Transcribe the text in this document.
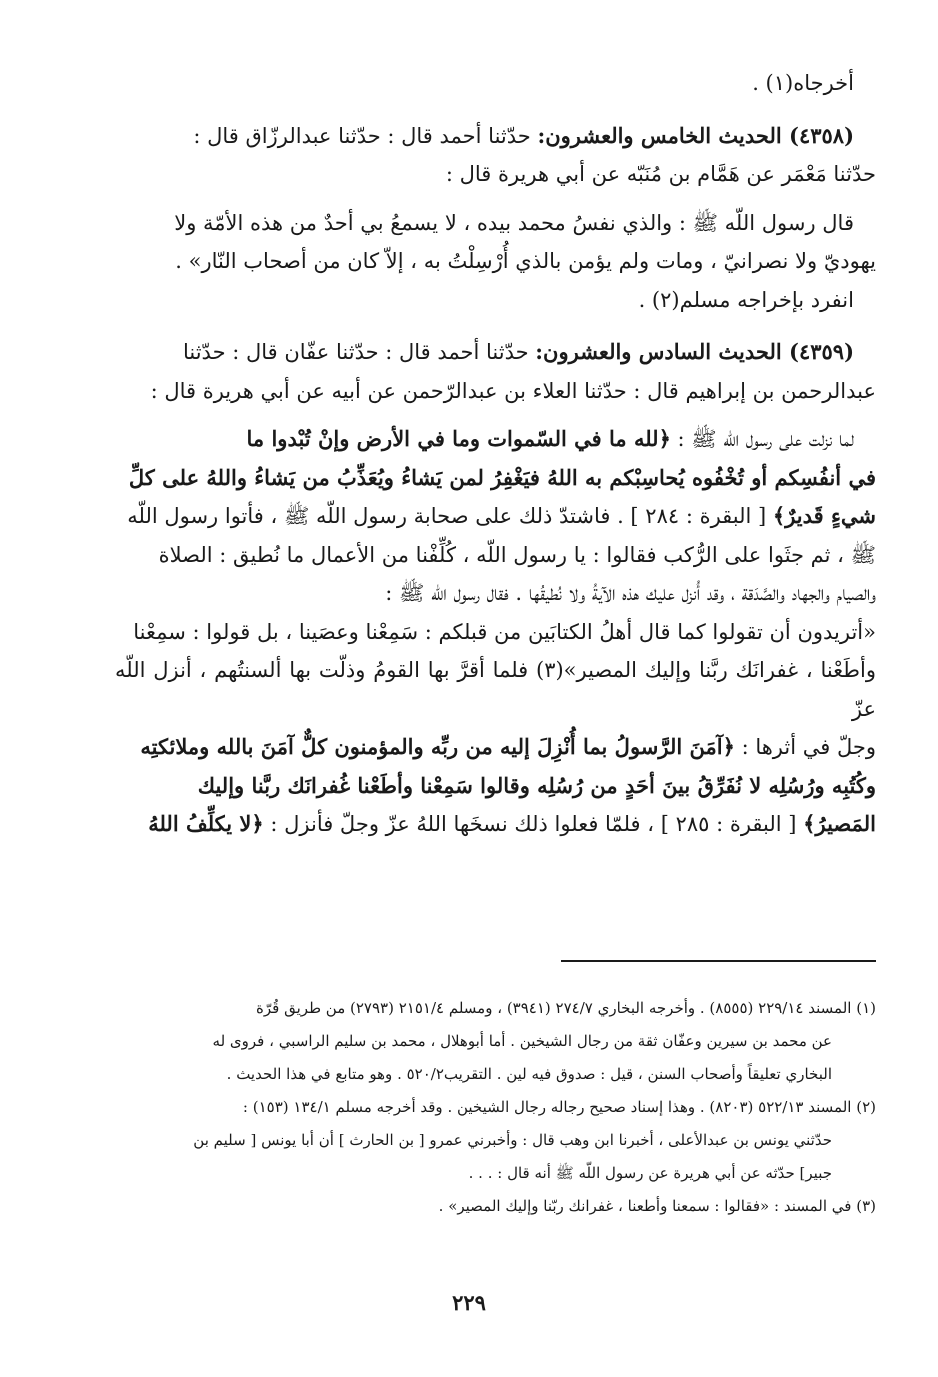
أخرجاه(١) .

(٤٣٥٨) الحديث الخامس والعشرون: حدّثنا أحمد قال : حدّثنا عبدالرزّاق قال :

حدّثنا مَعْمَر عن هَمَّام بن مُنَبّه عن أبي هريرة قال :

قال رسول اللّه ﷺ : والذي نفسُ محمد بيده ، لا يسمعُ بي أحدٌ من هذه الأمّة ولا

يهوديّ ولا نصرانيّ ، ومات ولم يؤمن بالذي أُرْسِلْتُ به ، إلاّ كان من أصحاب النّار» .

انفرد بإخراجه مسلم(٢) .

(٤٣٥٩) الحديث السادس والعشرون: حدّثنا أحمد قال : حدّثنا عفّان قال : حدّثنا

عبدالرحمن بن إبراهيم قال : حدّثنا العلاء بن عبدالرّحمن عن أبيه عن أبي هريرة قال :

لما نزلت على رسول اللّه ﷺ : ﴿لله ما في السّموات وما في الأرض وإنْ تُبْدوا ما

في أنفُسِكم أو تُخْفُوه يُحاسِبْكم به اللهُ فيَغْفِرُ لمن يَشاءُ ويُعَذِّبُ من يَشاءُ واللهُ على كلِّ

شيءٍ قَديرٌ﴾ [ البقرة : ٢٨٤ ] . فاشتدّ ذلك على صحابة رسول اللّه ﷺ ، فأتوا رسول اللّه

ﷺ ، ثم جثَوا على الرُّكب فقالوا : يا رسول اللّه ، كُلِّفْنا من الأعمال ما نُطيق : الصلاة

والصيام والجهاد والصَّدَقة ، وقد أُنزل عليك هذه الآيةُ ولا نُطيقُها . فقال رسول اللّه ﷺ :

«أتريدون أن تقولوا كما قال أهلُ الكتابَين من قبلكم : سَمِعْنا وعصَينا ، بل قولوا : سمِعْنا

وأطَعْنا ، غفرانَك ربَّنا وإليك المصير»(٣) فلما أقرَّ بها القومُ وذلّت بها ألسنتُهم ، أنزل اللّه عزّ

وجلّ في أثرها : ﴿آمَنَ الرَّسولُ بما أُنْزِلَ إليه من ربِّه والمؤمنون كلٌّ آمَنَ بالله وملائكتِه

وكُتُبِه ورُسُلِه لا نُفَرِّقُ بينَ أحَدٍ من رُسُلِه وقالوا سَمِعْنا وأطَعْنا غُفرانَك ربَّنا وإليك

المَصيرُ﴾ [ البقرة : ٢٨٥ ] ، فلمّا فعلوا ذلك نسخَها اللهُ عزّ وجلّ فأنزل : ﴿لا يكلِّفُ اللهُ

(١) المسند ٢٢٩/١٤ (٨٥٥٥) . وأخرجه البخاري ٢٧٤/٧ (٣٩٤١) ، ومسلم ٢١٥١/٤ (٢٧٩٣) من طريق قُرّة

عن محمد بن سيرين وعفّان ثقة من رجال الشيخين . أما أبوهلال ، محمد بن سليم الراسبي ، فروى له

البخاري تعليقاً وأصحاب السنن ، قيل : صدوق فيه لين . التقريب٥٢٠/٢ . وهو متابع في هذا الحديث .

(٢) المسند ٥٢٢/١٣ (٨٢٠٣) . وهذا إسناد صحيح رجاله رجال الشيخين . وقد أخرجه مسلم ١٣٤/١ (١٥٣) :

حدّثني يونس بن عبدالأعلى ، أخبرنا ابن وهب قال : وأخبرني عمرو [ بن الحارث ] أن أبا يونس [ سليم بن

جبير] حدّثه عن أبي هريرة عن رسول اللّه ﷺ أنه قال : . . .

(٣) في المسند : «فقالوا : سمعنا وأطعنا ، غفرانك ربّنا وإليك المصير» .

٢٢٩
